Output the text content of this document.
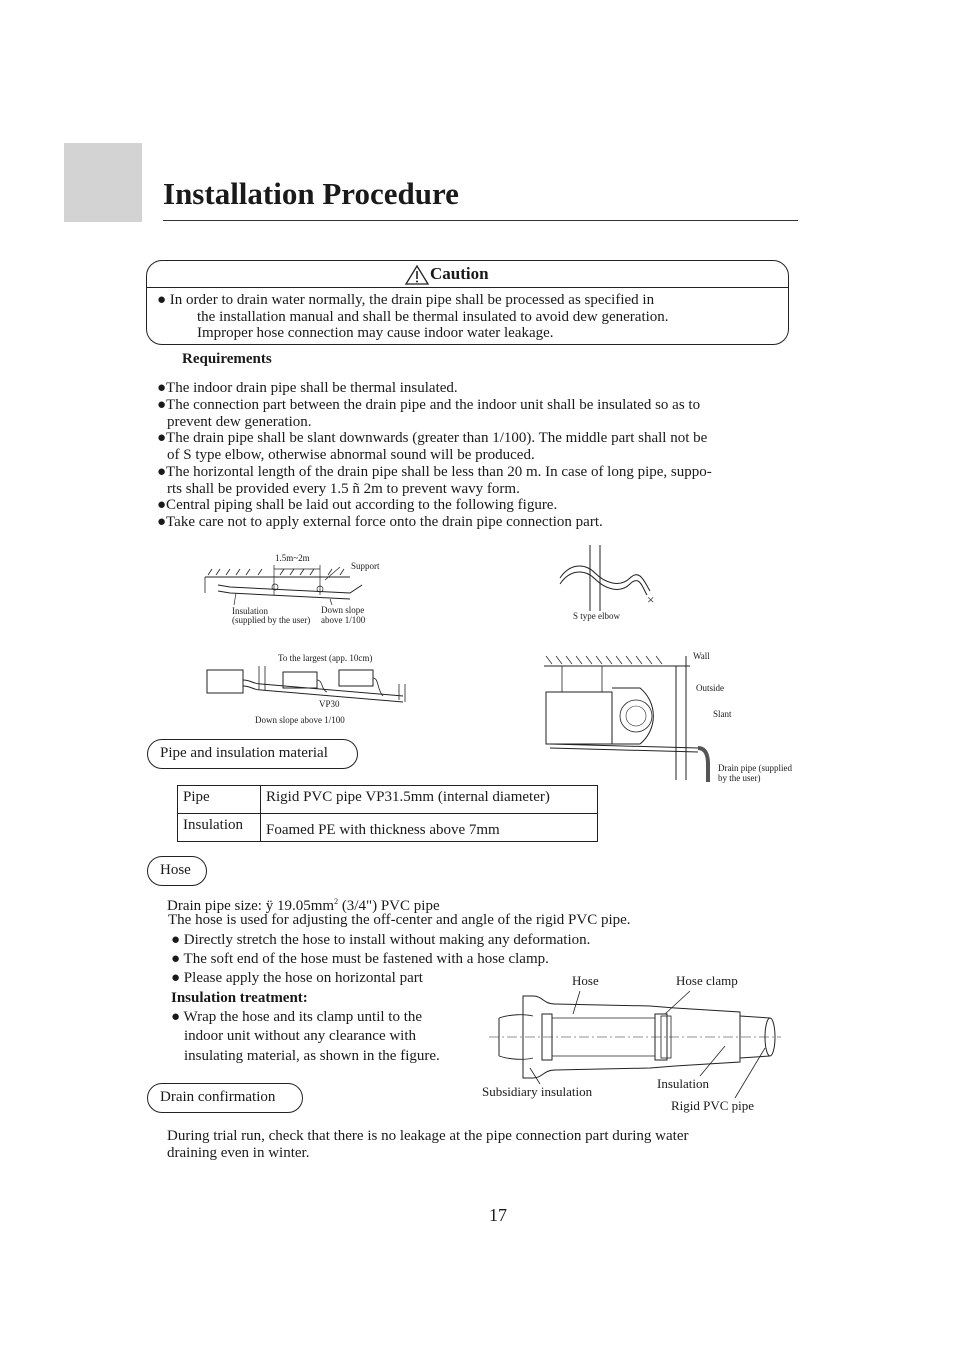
Installation Procedure
Caution
● In order to drain water normally, the drain pipe shall be processed as specified in
the installation manual and shall be thermal insulated to avoid dew generation.
Improper hose connection may cause indoor water leakage.
Requirements
●The indoor drain pipe shall be thermal insulated.
●The connection part between the drain pipe and the indoor unit shall be insulated so as to
prevent dew generation.
●The drain pipe shall be slant downwards (greater than 1/100). The middle part shall not be
of S type elbow, otherwise abnormal sound will be produced.
●The horizontal length of the drain pipe shall be less than 20 m. In case of long pipe, suppo-
rts shall be provided every 1.5 ñ 2m to prevent wavy form.
●Central piping shall be laid out according to the following figure.
●Take care not to apply external force onto the drain pipe connection part.
1.5m~2m
Support
Insulation
(supplied by the user)
Down slope
above 1/100
×
S type elbow
To the largest (app. 10cm)
VP30
Down slope above 1/100
Wall
Outside
Slant
Drain pipe (supplied
by the user)
Pipe and insulation material
Pipe	Rigid PVC pipe VP31.5mm (internal diameter)
Insulation	Foamed PE with thickness above 7mm
Hose
Drain pipe size: ÿ $19.05mm^2$ (3/4") PVC pipe
The hose is used for adjusting the off-center and angle of the rigid PVC pipe.
● Directly stretch the hose to install without making any deformation.
● The soft end of the hose must be fastened with a hose clamp.
● Please apply the hose on horizontal part
Insulation treatment:
● Wrap the hose and its clamp until to the
indoor unit without any clearance with
insulating material, as shown in the figure.
Hose	Hose clamp
Subsidiary insulation
Insulation
Rigid PVC pipe
Drain confirmation
During trial run, check that there is no leakage at the pipe connection part during water
draining even in winter.
17
